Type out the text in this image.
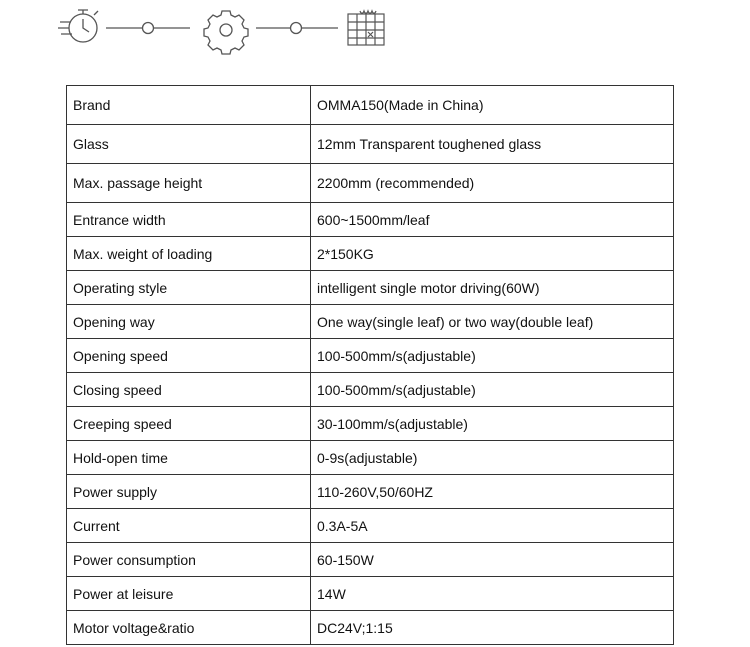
Brand	OMMA150(Made in China)
Glass	12mm Transparent toughened glass
Max. passage height	2200mm (recommended)
Entrance width	600~1500mm/leaf
Max. weight of loading	2*150KG
Operating style	intelligent single motor driving(60W)
Opening way	One way(single leaf) or two way(double leaf)
Opening speed	100-500mm/s(adjustable)
Closing speed	100-500mm/s(adjustable)
Creeping speed	30-100mm/s(adjustable)
Hold-open time	0-9s(adjustable)
Power supply	110-260V,50/60HZ
Current	0.3A-5A
Power consumption	60-150W
Power at leisure	14W
Motor voltage&ratio	DC24V;1:15
